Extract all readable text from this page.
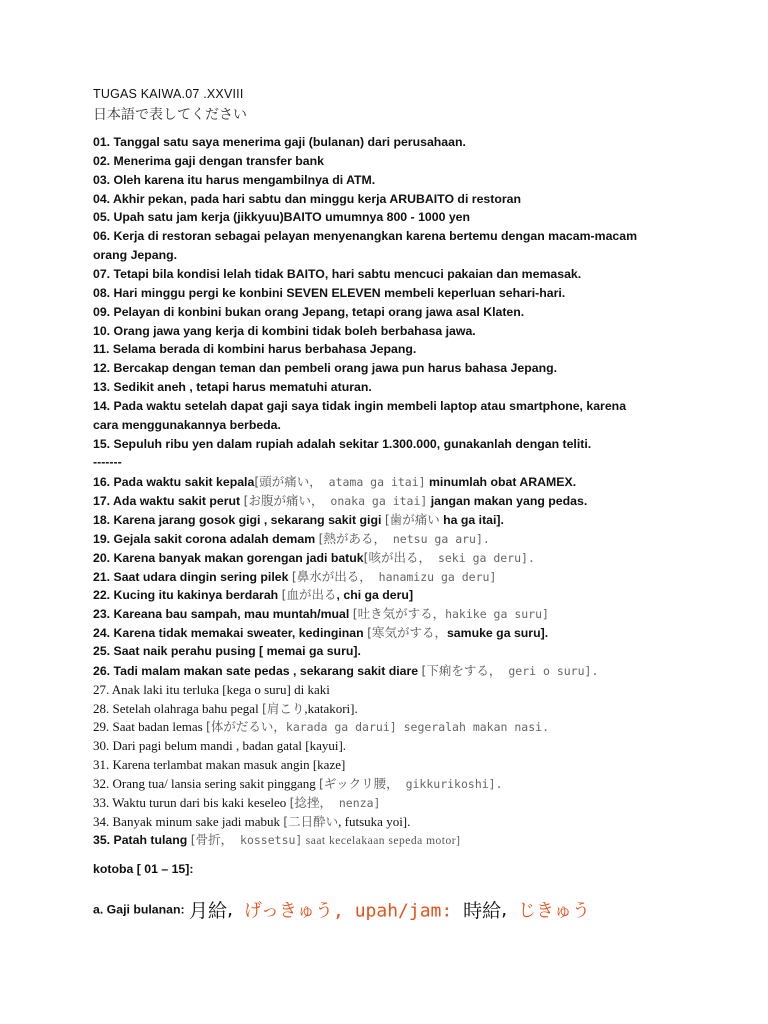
TUGAS KAIWA.07 .XXVIII
日本語で表してください
01. Tanggal satu saya menerima gaji (bulanan) dari perusahaan.
02. Menerima gaji dengan transfer bank
03. Oleh karena itu harus mengambilnya di ATM.
04. Akhir pekan, pada hari sabtu dan minggu kerja ARUBAITO di restoran
05. Upah satu jam kerja (jikkyuu)BAITO umumnya 800 - 1000 yen
06. Kerja di restoran sebagai pelayan menyenangkan karena bertemu dengan macam-macam
orang Jepang.
07. Tetapi bila kondisi lelah tidak BAITO, hari sabtu mencuci pakaian dan memasak.
08. Hari minggu pergi ke konbini SEVEN ELEVEN membeli keperluan sehari-hari.
09. Pelayan di konbini bukan orang Jepang, tetapi orang jawa asal Klaten.
10. Orang jawa yang kerja di kombini tidak boleh berbahasa jawa.
11. Selama berada di kombini harus berbahasa Jepang.
12. Bercakap dengan teman dan pembeli orang jawa pun harus bahasa Jepang.
13. Sedikit aneh , tetapi harus mematuhi aturan.
14. Pada waktu setelah dapat gaji saya tidak ingin membeli laptop atau smartphone, karena
cara menggunakannya berbeda.
15. Sepuluh ribu yen dalam rupiah adalah sekitar 1.300.000, gunakanlah dengan teliti.
-------
16. Pada waktu sakit kepala[頭が痛い， atama ga itai] minumlah obat ARAMEX.
17. Ada waktu sakit perut [お腹が痛い， onaka ga itai] jangan makan yang pedas.
18. Karena jarang gosok gigi , sekarang sakit gigi [歯が痛い ha ga itai].
19. Gejala sakit corona adalah demam [熱がある， netsu ga aru].
20. Karena banyak makan gorengan jadi batuk[咳が出る， seki ga deru].
21. Saat udara dingin sering pilek [鼻水が出る， hanamizu ga deru]
22. Kucing itu kakinya berdarah [血が出る, chi ga deru]
23. Kareana bau sampah, mau muntah/mual [吐き気がする，hakike ga suru]
24. Karena tidak memakai sweater, kedinginan [寒気がする，samuke ga suru].
25. Saat naik perahu pusing [ memai ga suru].
26. Tadi malam makan sate pedas , sekarang sakit diare [下痢をする， geri o suru].
27. Anak laki itu terluka [kega o suru] di kaki
28. Setelah olahraga bahu pegal [肩こり,katakori].
29. Saat badan lemas [体がだるい，karada ga darui] segeralah makan nasi.
30. Dari pagi belum mandi , badan gatal [kayui].
31. Karena terlambat makan masuk angin [kaze]
32. Orang tua/ lansia sering sakit pinggang [ギックリ腰， gikkurikoshi].
33. Waktu turun dari bis kaki keseleo [捻挫， nenza]
34. Banyak minum sake jadi mabuk [二日酔い, futsuka yoi].
35. Patah tulang [骨折， kossetsu] saat kecelakaan sepeda motor]
kotoba [ 01 – 15]:
a. Gaji bulanan: 月給, げっきゅう, upah/jam: 時給, じきゅう
